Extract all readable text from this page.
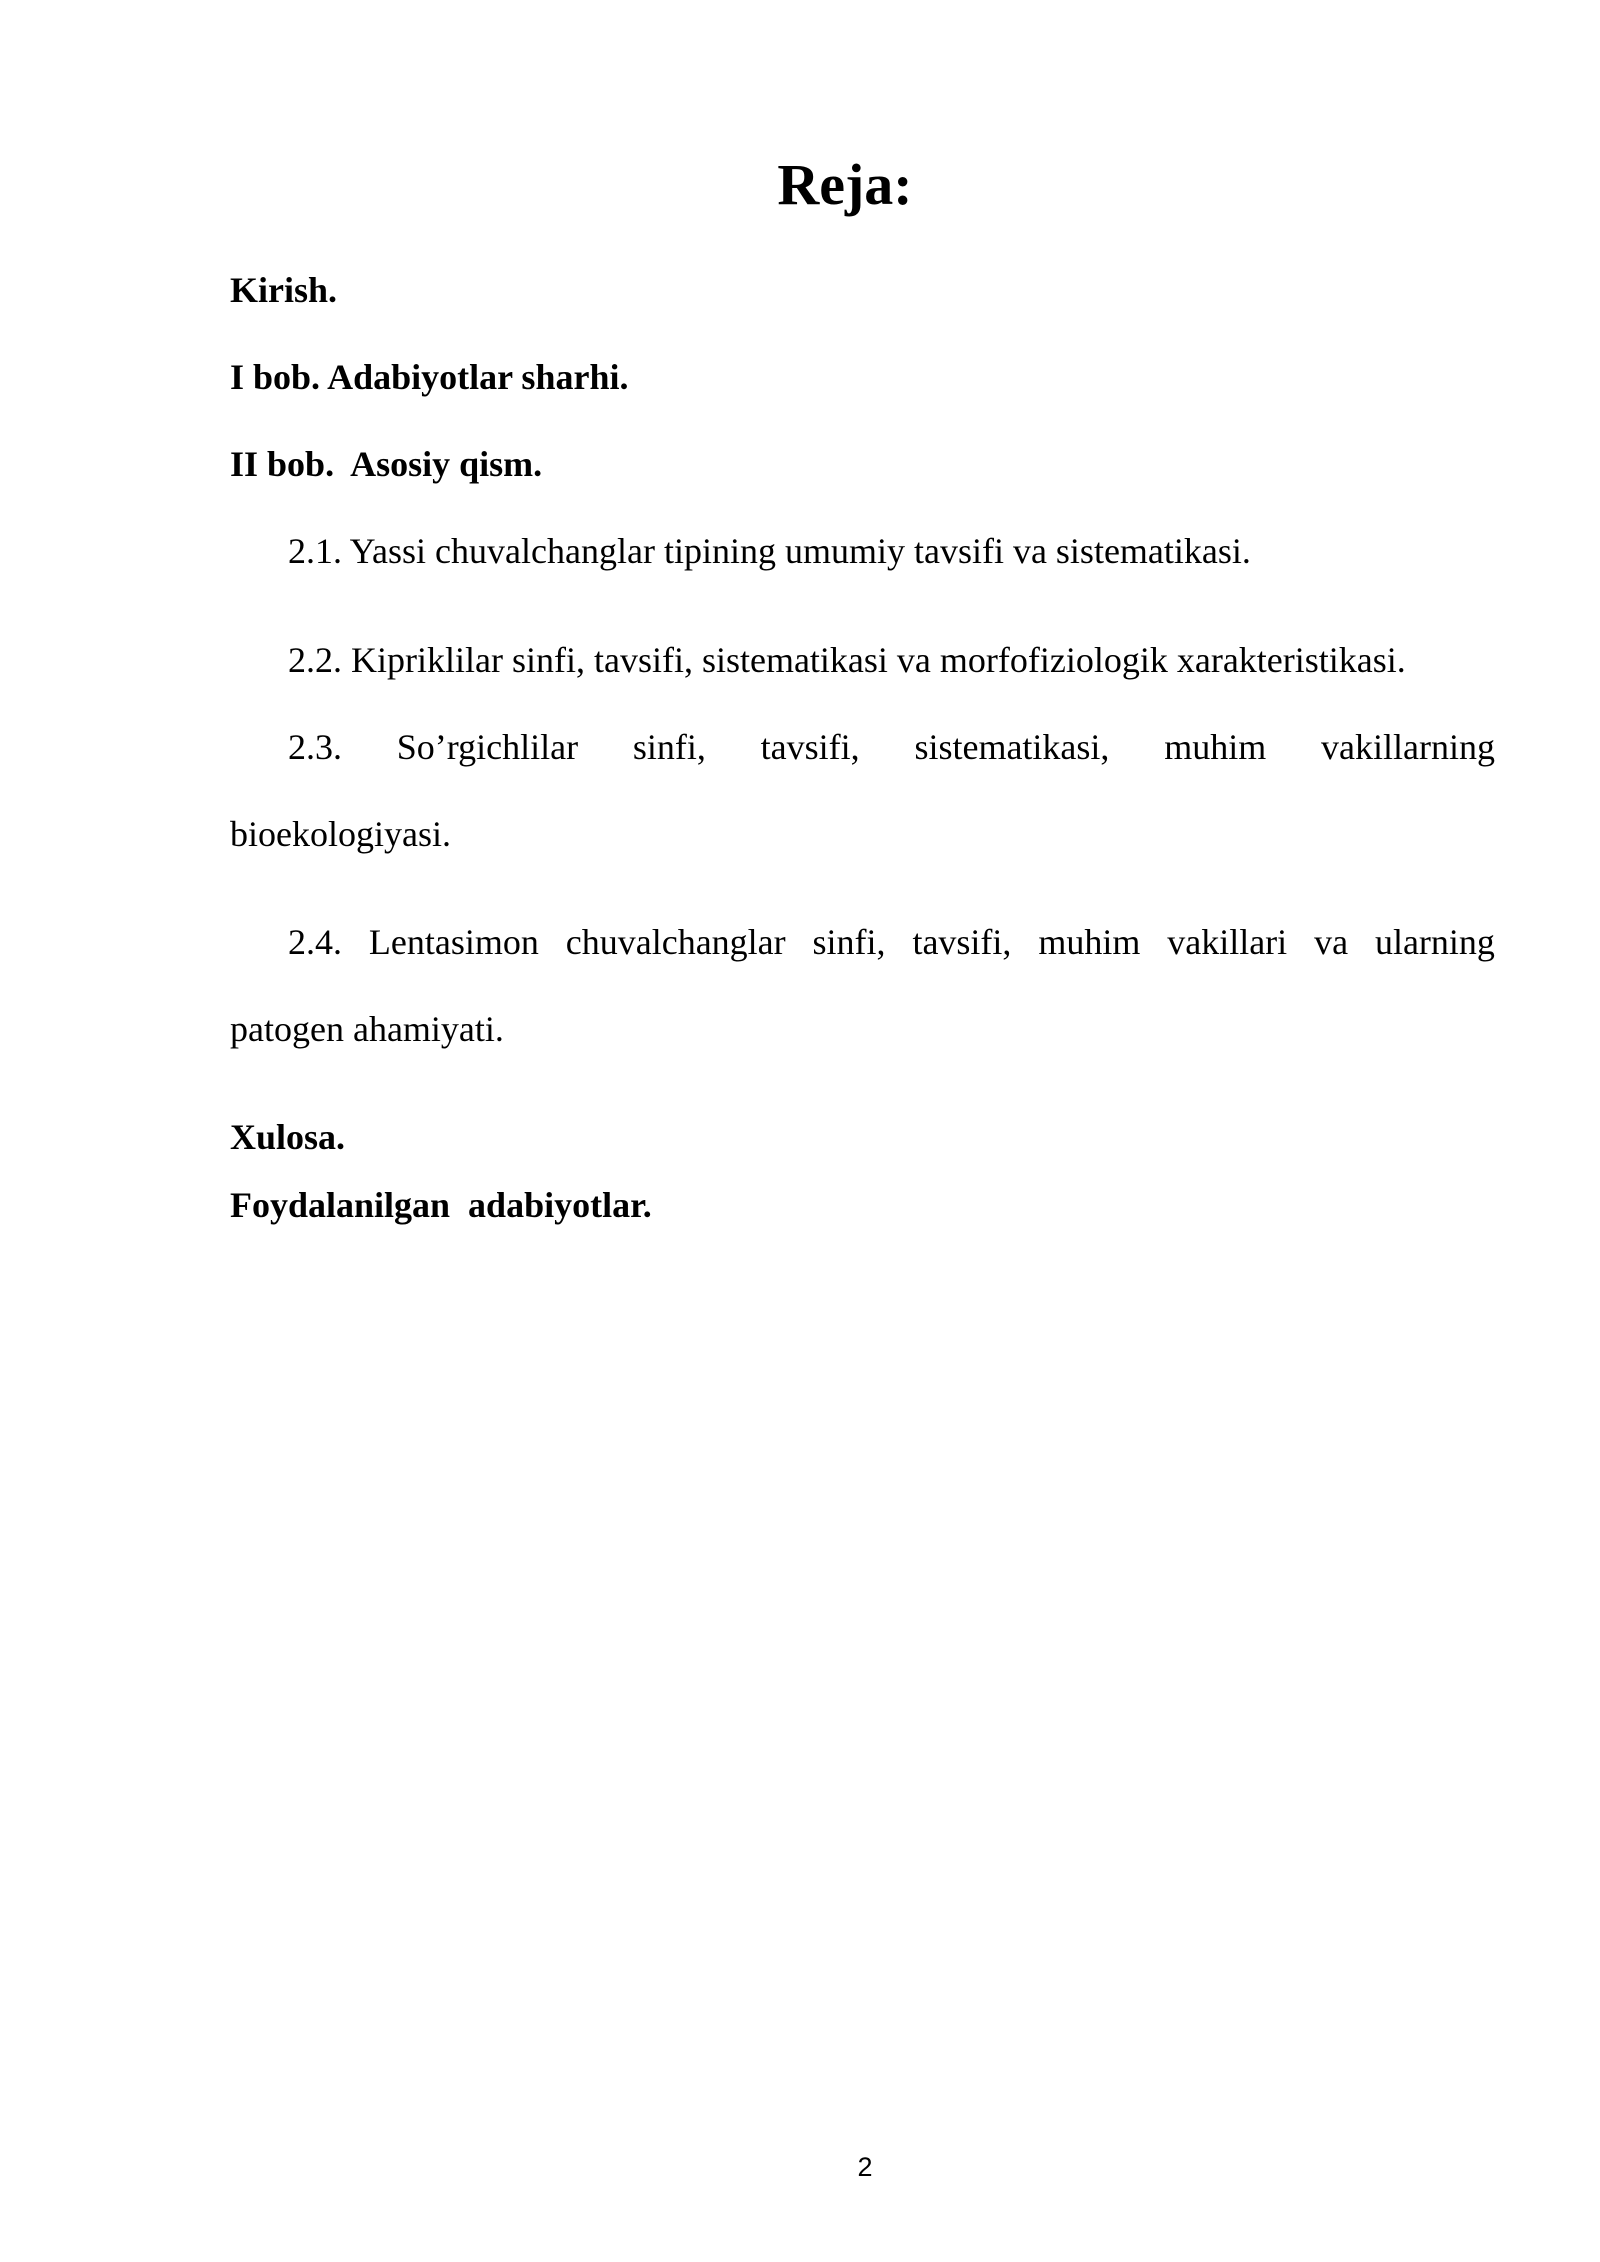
Reja:
Kirish.
I bob. Adabiyotlar sharhi.
II bob.  Asosiy qism.
2.1. Yassi chuvalchanglar tipining umumiy tavsifi va sistematikasi.
2.2. Kipriklilar sinfi, tavsifi, sistematikasi va morfofiziologik xarakteristikasi.
2.3. So’rgichlilar sinfi, tavsifi, sistematikasi, muhim vakillarning
bioekologiyasi.
2.4. Lentasimon chuvalchanglar sinfi, tavsifi, muhim vakillari va ularning
patogen ahamiyati.
Xulosa.
Foydalanilgan  adabiyotlar.
2
